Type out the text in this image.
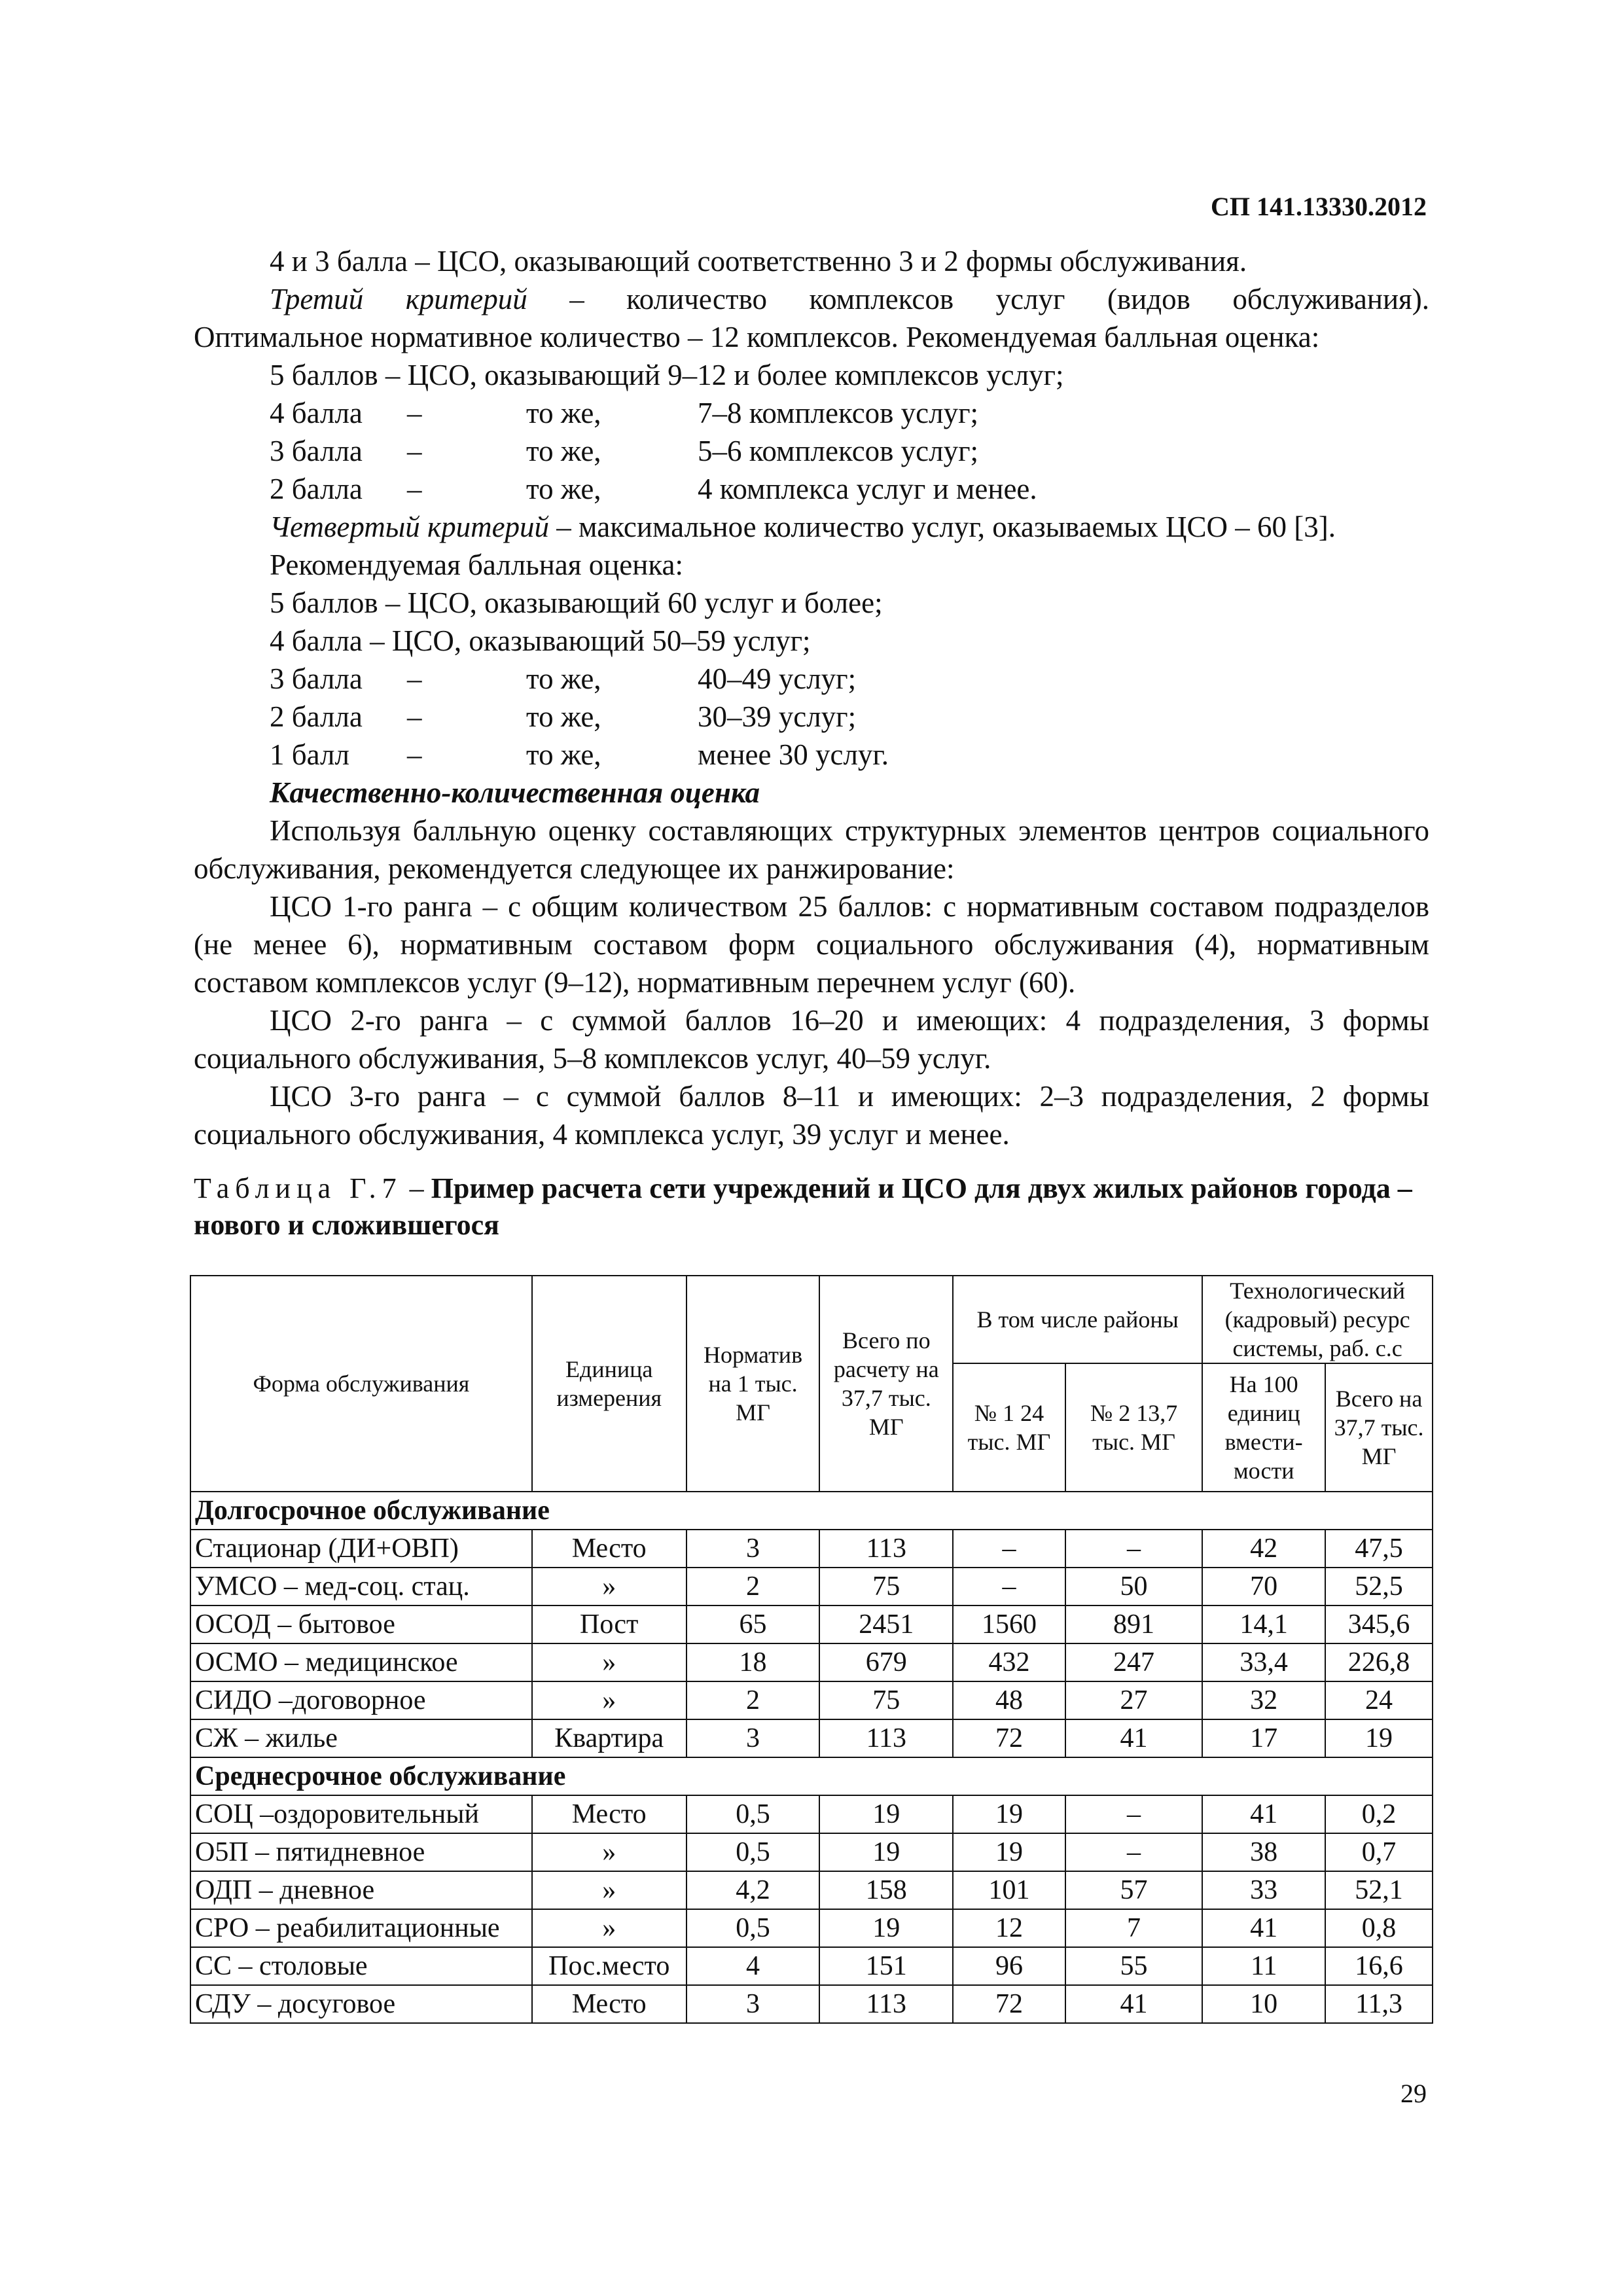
СП 141.13330.2012

4 и 3 балла – ЦСО, оказывающий соответственно 3 и 2 формы обслуживания.

Третий критерий – количество комплексов услуг (видов обслуживания).

Оптимальное нормативное количество – 12 комплексов. Рекомендуемая балльная оценка:

5 баллов – ЦСО, оказывающий 9–12 и более комплексов услуг;

4 балла	–	то же,	7–8 комплексов услуг;
3 балла	–	то же,	5–6 комплексов услуг;
2 балла	–	то же,	4 комплекса услуг и менее.

Четвертый критерий – максимальное количество услуг, оказываемых ЦСО – 60 [3].

Рекомендуемая балльная оценка:

5 баллов – ЦСО, оказывающий 60 услуг и более;

4 балла – ЦСО, оказывающий 50–59 услуг;

3 балла	–	то же,	40–49 услуг;
2 балла	–	то же,	30–39 услуг;
1 балл	–	то же,	менее 30 услуг.

Качественно-количественная оценка

Используя балльную оценку составляющих структурных элементов центров социального обслуживания, рекомендуется следующее их ранжирование:

ЦСО 1-го ранга – с общим количеством 25 баллов: с нормативным составом подразделов (не менее 6), нормативным составом форм социального обслуживания (4), нормативным составом комплексов услуг (9–12), нормативным перечнем услуг (60).

ЦСО 2-го ранга – с суммой баллов 16–20 и имеющих: 4 подразделения, 3 формы социального обслуживания, 5–8 комплексов услуг, 40–59 услуг.

ЦСО 3-го ранга – с суммой баллов 8–11 и имеющих: 2–3 подразделения, 2 формы социального обслуживания, 4 комплекса услуг, 39 услуг и менее.

Таблица Г.7 – Пример расчета сети учреждений и ЦСО для двух жилых районов города – нового и сложившегося
Форма обслуживания	Единица измерения	Норматив на 1 тыс. МГ	Всего по расчету на 37,7 тыс. МГ	В том числе районы		Технологический (кадровый) ресурс системы, раб. с.с	
				№ 1 24 тыс. МГ	№ 2 13,7 тыс. МГ	На 100 единиц вмести-мости	Всего на 37,7 тыс. МГ
Долгосрочное обслуживание							
Стационар (ДИ+ОВП)	Место	3	113	–	–	42	47,5
УМСО – мед-соц. стац.	»	2	75	–	50	70	52,5
ОСОД – бытовое	Пост	65	2451	1560	891	14,1	345,6
ОСМО – медицинское	»	18	679	432	247	33,4	226,8
СИДО –договорное	»	2	75	48	27	32	24
СЖ – жилье	Квартира	3	113	72	41	17	19
Среднесрочное обслуживание							
СОЦ –оздоровительный	Место	0,5	19	19	–	41	0,2
О5П – пятидневное	»	0,5	19	19	–	38	0,7
ОДП – дневное	»	4,2	158	101	57	33	52,1
СРО – реабилитационные	»	0,5	19	12	7	41	0,8
СС – столовые	Пос.место	4	151	96	55	11	16,6
СДУ – досуговое	Место	3	113	72	41	10	11,3
29
